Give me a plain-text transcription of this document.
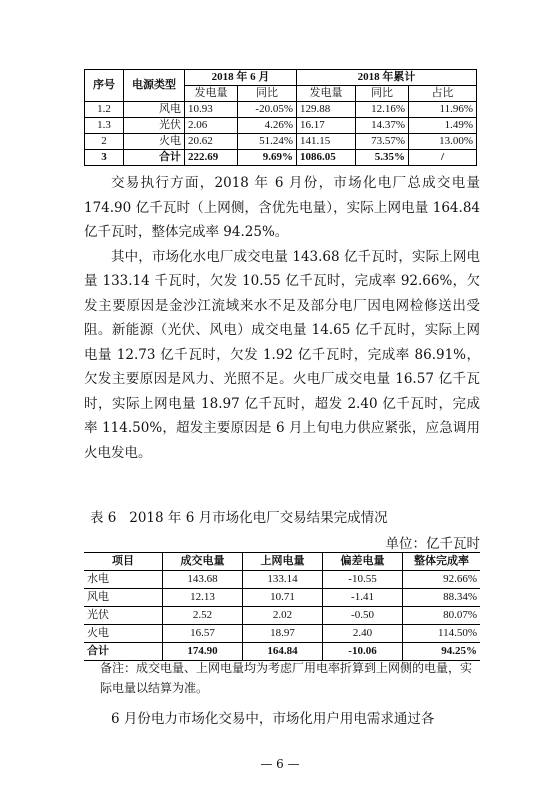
序号	电源类型	2018 年 6 月		2018 年累计		
		发电量	同比	发电量	同比	占比
1.2	风电	10.93	-20.05%	129.88	12.16%	11.96%
1.3	光伏	2.06	4.26%	16.17	14.37%	1.49%
2	火电	20.62	51.24%	141.15	73.57%	13.00%
3	合计	222.69	9.69%	1086.05	5.35%	/

交易执行方面，2018 年 6 月份，市场化电厂总成交电量 174.90 亿千瓦时（上网侧，含优先电量），实际上网电量 164.84 亿千瓦时，整体完成率 94.25%。

其中，市场化水电厂成交电量 143.68 亿千瓦时，实际上网电量 133.14 千瓦时，欠发 10.55 亿千瓦时，完成率 92.66%，欠发主要原因是金沙江流域来水不足及部分电厂因电网检修送出受阻。新能源（光伏、风电）成交电量 14.65 亿千瓦时，实际上网电量 12.73 亿千瓦时，欠发 1.92 亿千瓦时，完成率 86.91%，欠发主要原因是风力、光照不足。火电厂成交电量 16.57 亿千瓦时，实际上网电量 18.97 亿千瓦时，超发 2.40 亿千瓦时，完成率 114.50%，超发主要原因是 6 月上旬电力供应紧张，应急调用火电发电。

表 6   2018 年 6 月市场化电厂交易结果完成情况
单位：亿千瓦时
项目	成交电量	上网电量	偏差电量	整体完成率
水电	143.68	133.14	-10.55	92.66%
风电	12.13	10.71	-1.41	88.34%
光伏	2.52	2.02	-0.50	80.07%
火电	16.57	18.97	2.40	114.50%
合计	174.90	164.84	-10.06	94.25%
备注：成交电量、上网电量均为考虑厂用电率折算到上网侧的电量，实际电量以结算为准。

6 月份电力市场化交易中，市场化用户用电需求通过各

— 6 —
